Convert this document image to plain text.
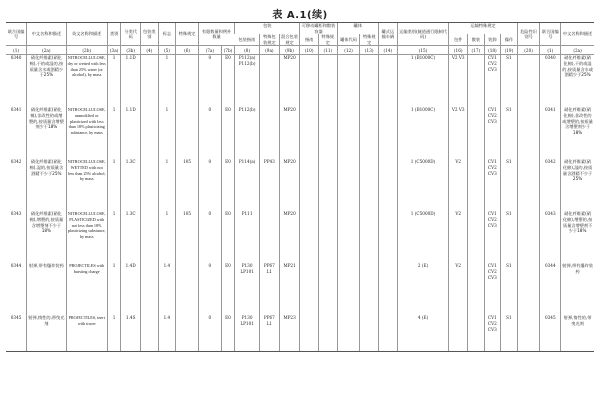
表 A.1(续)
联合国编号	中文名称和描述	英文名称和描述	类别	分类代码	包装类别	标志	特殊规定	有限数量和例外数量		包装			可移动罐柜和散装容器		罐体		罐式运输车辆	运输类别(隧道通行限制代码)	运输特殊规定				危险性识别号	联合国编号	中文名称和描述
										包装指南	特殊包装规定	混合包装规定	指南	特殊规定	罐体代码	特殊规定			包件	散装	装卸	操作			
(1)	(2a)	(2b)	(3a)	(3b)	(4)	(5)	(6)	(7a)	(7b)	(8)	(9a)	(9b)	(10)	(11)	(12)	(13)	(14)	(15)	(16)	(17)	(18)	(19)	(20)	(1)	(2a)
0340	硝化纤维素(硝化棉),干的或湿的,按质量含水或酒精少于25%	NITROCELLULOSE, dry or wetted with less than 25% water (or alcohol), by mass	1	1.1D		1		0	E0	P112(a) P112(b)		MP20						1 (B1000C)	V2 V3		CV1 CV2 CV3	S1		0340	硝化纤维素(硝化棉),干的或湿的,按质量含水或酒精少于25%
0341	硝化纤维素(硝化棉),非改性的或增塑的,按质量含增塑剂少于18%	NITROCELLULOSE, unmodified or plasticized with less than 18% plasticizing substance, by mass	1	1.1D		1		0	E0	P112(b)		MP20						1 (B1000C)	V2 V3		CV1 CV2 CV3	S1		0341	硝化纤维素(硝化棉),非改性的或增塑的,按质量含增塑剂少于18%
0342	硝化纤维素(硝化棉),湿的,按质量含酒精不少于25%	NITROCELLULOSE, WETTED with not less than 25% alcohol, by mass	1	1.3C		1	105	0	E0	P114(a)	PP43	MP20						1 (C5000D)	V2		CV1 CV2 CV3	S1		0342	硝化纤维素(硝化棉),湿的,按质量含酒精不少于25%
0343	硝化纤维素(硝化棉),增塑的,按质量含增塑剂不少于18%	NITROCELLULOSE, PLASTICIZED with not less than 18% plasticizing substance, by mass	1	1.3C		1	105	0	E0	P111		MP20						1 (C5000D)	V2		CV1 CV2 CV3	S1		0343	硝化纤维素(硝化棉),增塑的,按质量含增塑剂不少于18%
0344	射弹,带有爆炸装药	PROJECTILES with bursting charge	1	1.4D		1.4		0	E0	P130 LP101	PP67 L1	MP21						2 (E)	V2		CV1 CV2 CV3	S1		0344	射弹,带有爆炸装药
0345	射弹,惰性的,带曳光剂	PROJECTILES, inert with tracer	1	1.4S		1.4		0	E0	P130 LP101	PP67 L1	MP23						4 (E)			CV1 CV2 CV3	S1		0345	射弹,惰性的,带曳光剂
